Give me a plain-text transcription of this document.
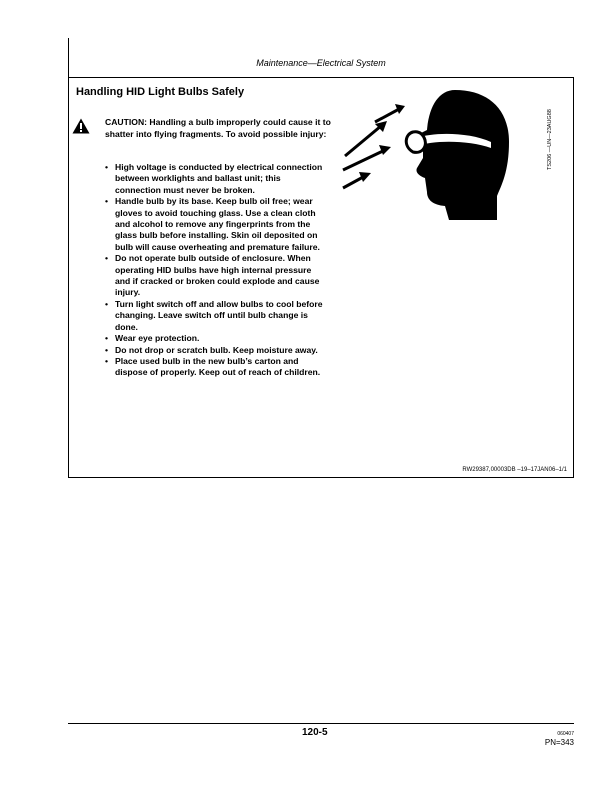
Maintenance—Electrical System
Handling HID Light Bulbs Safely
CAUTION: Handling a bulb improperly could cause it to shatter into flying fragments. To avoid possible injury:
• High voltage is conducted by electrical connection between worklights and ballast unit; this connection must never be broken.
• Handle bulb by its base. Keep bulb oil free; wear gloves to avoid touching glass. Use a clean cloth and alcohol to remove any fingerprints from the glass bulb before installing. Skin oil deposited on bulb will cause overheating and premature failure.
• Do not operate bulb outside of enclosure. When operating HID bulbs have high internal pressure and if cracked or broken could explode and cause injury.
• Turn light switch off and allow bulbs to cool before changing. Leave switch off until bulb change is done.
• Wear eye protection.
• Do not drop or scratch bulb. Keep moisture away.
• Place used bulb in the new bulb’s carton and dispose of properly. Keep out of reach of children.
TS206 —UN—23AUG88
RW29387,00003DB –19–17JAN06–1/1
120-5	060407
PN=343
